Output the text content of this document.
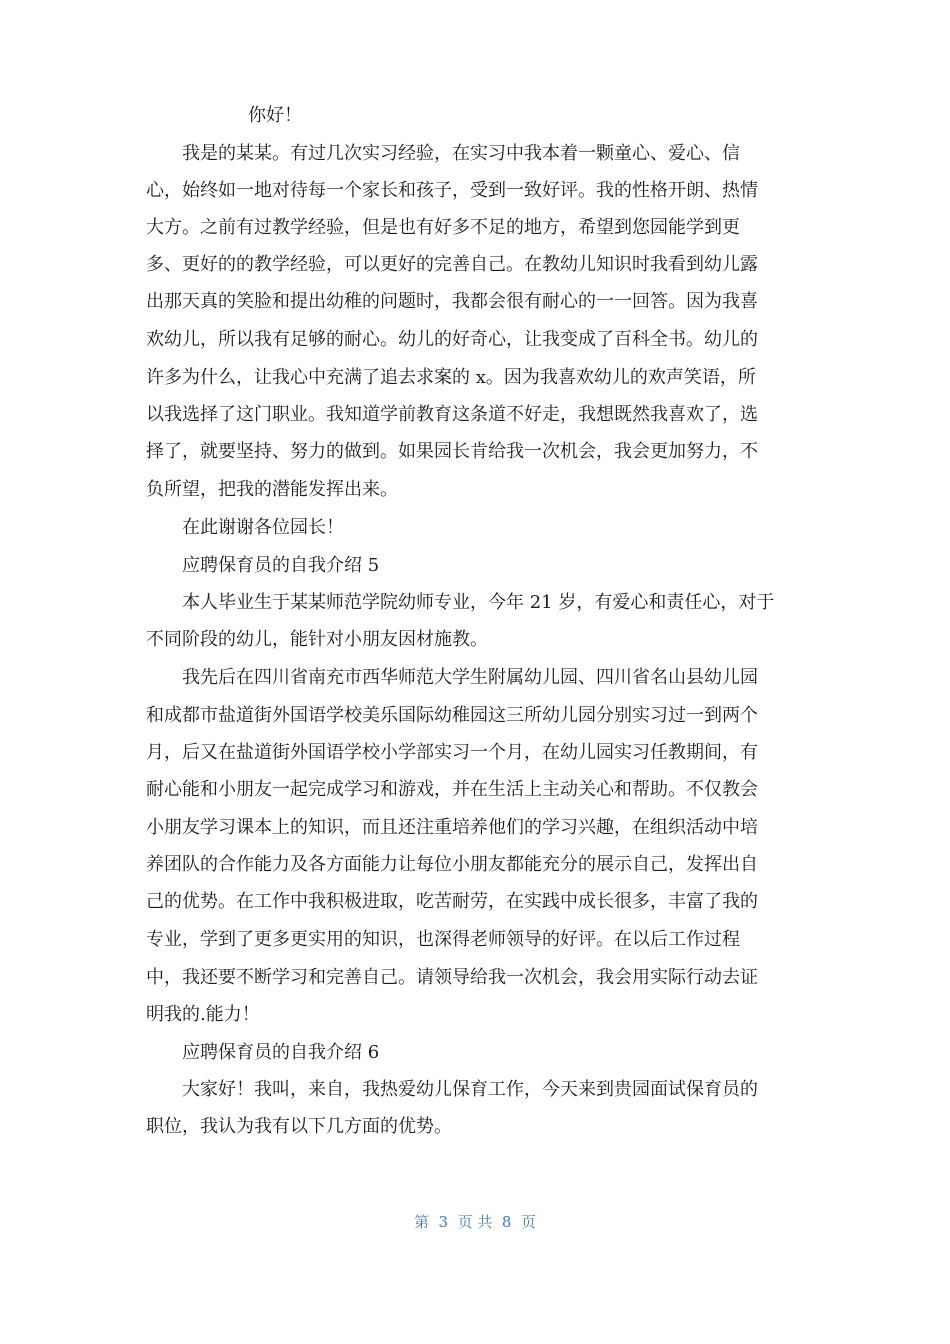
你好！
我是的某某。有过几次实习经验，在实习中我本着一颗童心、爱心、信
心，始终如一地对待每一个家长和孩子，受到一致好评。我的性格开朗、热情
大方。之前有过教学经验，但是也有好多不足的地方，希望到您园能学到更
多、更好的的教学经验，可以更好的完善自己。在教幼儿知识时我看到幼儿露
出那天真的笑脸和提出幼稚的问题时，我都会很有耐心的一一回答。因为我喜
欢幼儿，所以我有足够的耐心。幼儿的好奇心，让我变成了百科全书。幼儿的
许多为什么，让我心中充满了追去求案的 x。因为我喜欢幼儿的欢声笑语，所
以我选择了这门职业。我知道学前教育这条道不好走，我想既然我喜欢了，选
择了，就要坚持、努力的做到。如果园长肯给我一次机会，我会更加努力，不
负所望，把我的潜能发挥出来。
在此谢谢各位园长！
应聘保育员的自我介绍 5
本人毕业生于某某师范学院幼师专业，今年 21 岁，有爱心和责任心，对于
不同阶段的幼儿，能针对小朋友因材施教。
我先后在四川省南充市西华师范大学生附属幼儿园、四川省名山县幼儿园
和成都市盐道街外国语学校美乐国际幼稚园这三所幼儿园分别实习过一到两个
月，后又在盐道街外国语学校小学部实习一个月，在幼儿园实习任教期间，有
耐心能和小朋友一起完成学习和游戏，并在生活上主动关心和帮助。不仅教会
小朋友学习课本上的知识，而且还注重培养他们的学习兴趣，在组织活动中培
养团队的合作能力及各方面能力让每位小朋友都能充分的展示自己，发挥出自
己的优势。在工作中我积极进取，吃苦耐劳，在实践中成长很多，丰富了我的
专业，学到了更多更实用的知识，也深得老师领导的好评。在以后工作过程
中，我还要不断学习和完善自己。请领导给我一次机会，我会用实际行动去证
明我的.能力！
应聘保育员的自我介绍 6
大家好！我叫，来自，我热爱幼儿保育工作，今天来到贵园面试保育员的
职位，我认为我有以下几方面的优势。
第  3  页 共  8  页
